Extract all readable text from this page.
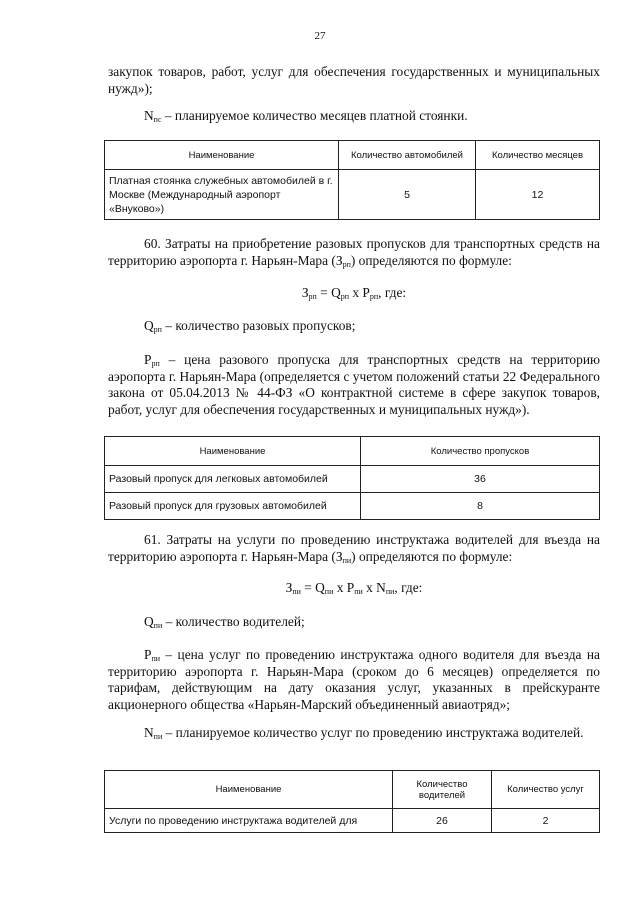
27

закупок товаров, работ, услуг для обеспечения государственных и муниципальных нужд»);

$N_{пс}$ – планируемое количество месяцев платной стоянки.

Наименование	Количество автомобилей	Количество месяцев
Платная стоянка служебных автомобилей в г. Москве (Международный аэропорт «Внуково»)	5	12

60. Затраты на приобретение разовых пропусков для транспортных средств на территорию аэропорта г. Нарьян-Мара $(З_{рп})$ определяются по формуле:

$З_{рп} = Q_{рп}$ x $P_{рп}$, где:

$Q_{рп}$ – количество разовых пропусков;

$P_{рп}$ – цена разового пропуска для транспортных средств на территорию аэропорта г. Нарьян-Мара (определяется с учетом положений статьи 22 Федерального закона от 05.04.2013 № 44-ФЗ «О контрактной системе в сфере закупок товаров, работ, услуг для обеспечения государственных и муниципальных нужд»).

Наименование	Количество пропусков
Разовый пропуск для легковых автомобилей	36
Разовый пропуск для грузовых автомобилей	8

61. Затраты на услуги по проведению инструктажа водителей для въезда на территорию аэропорта г. Нарьян-Мара $(З_{пи})$ определяются по формуле:

$З_{пи} = Q_{пи}$ x $P_{пи}$ x $N_{пи}$, где:

$Q_{пи}$ – количество водителей;

$P_{пи}$ – цена услуг по проведению инструктажа одного водителя для въезда на территорию аэропорта г. Нарьян-Мара (сроком до 6 месяцев) определяется по тарифам, действующим на дату оказания услуг, указанных в прейскуранте акционерного общества «Нарьян-Марский объединенный авиаотряд»;

$N_{пи}$ – планируемое количество услуг по проведению инструктажа водителей.

Наименование	Количество водителей	Количество услуг
Услуги по проведению инструктажа водителей для	26	2
